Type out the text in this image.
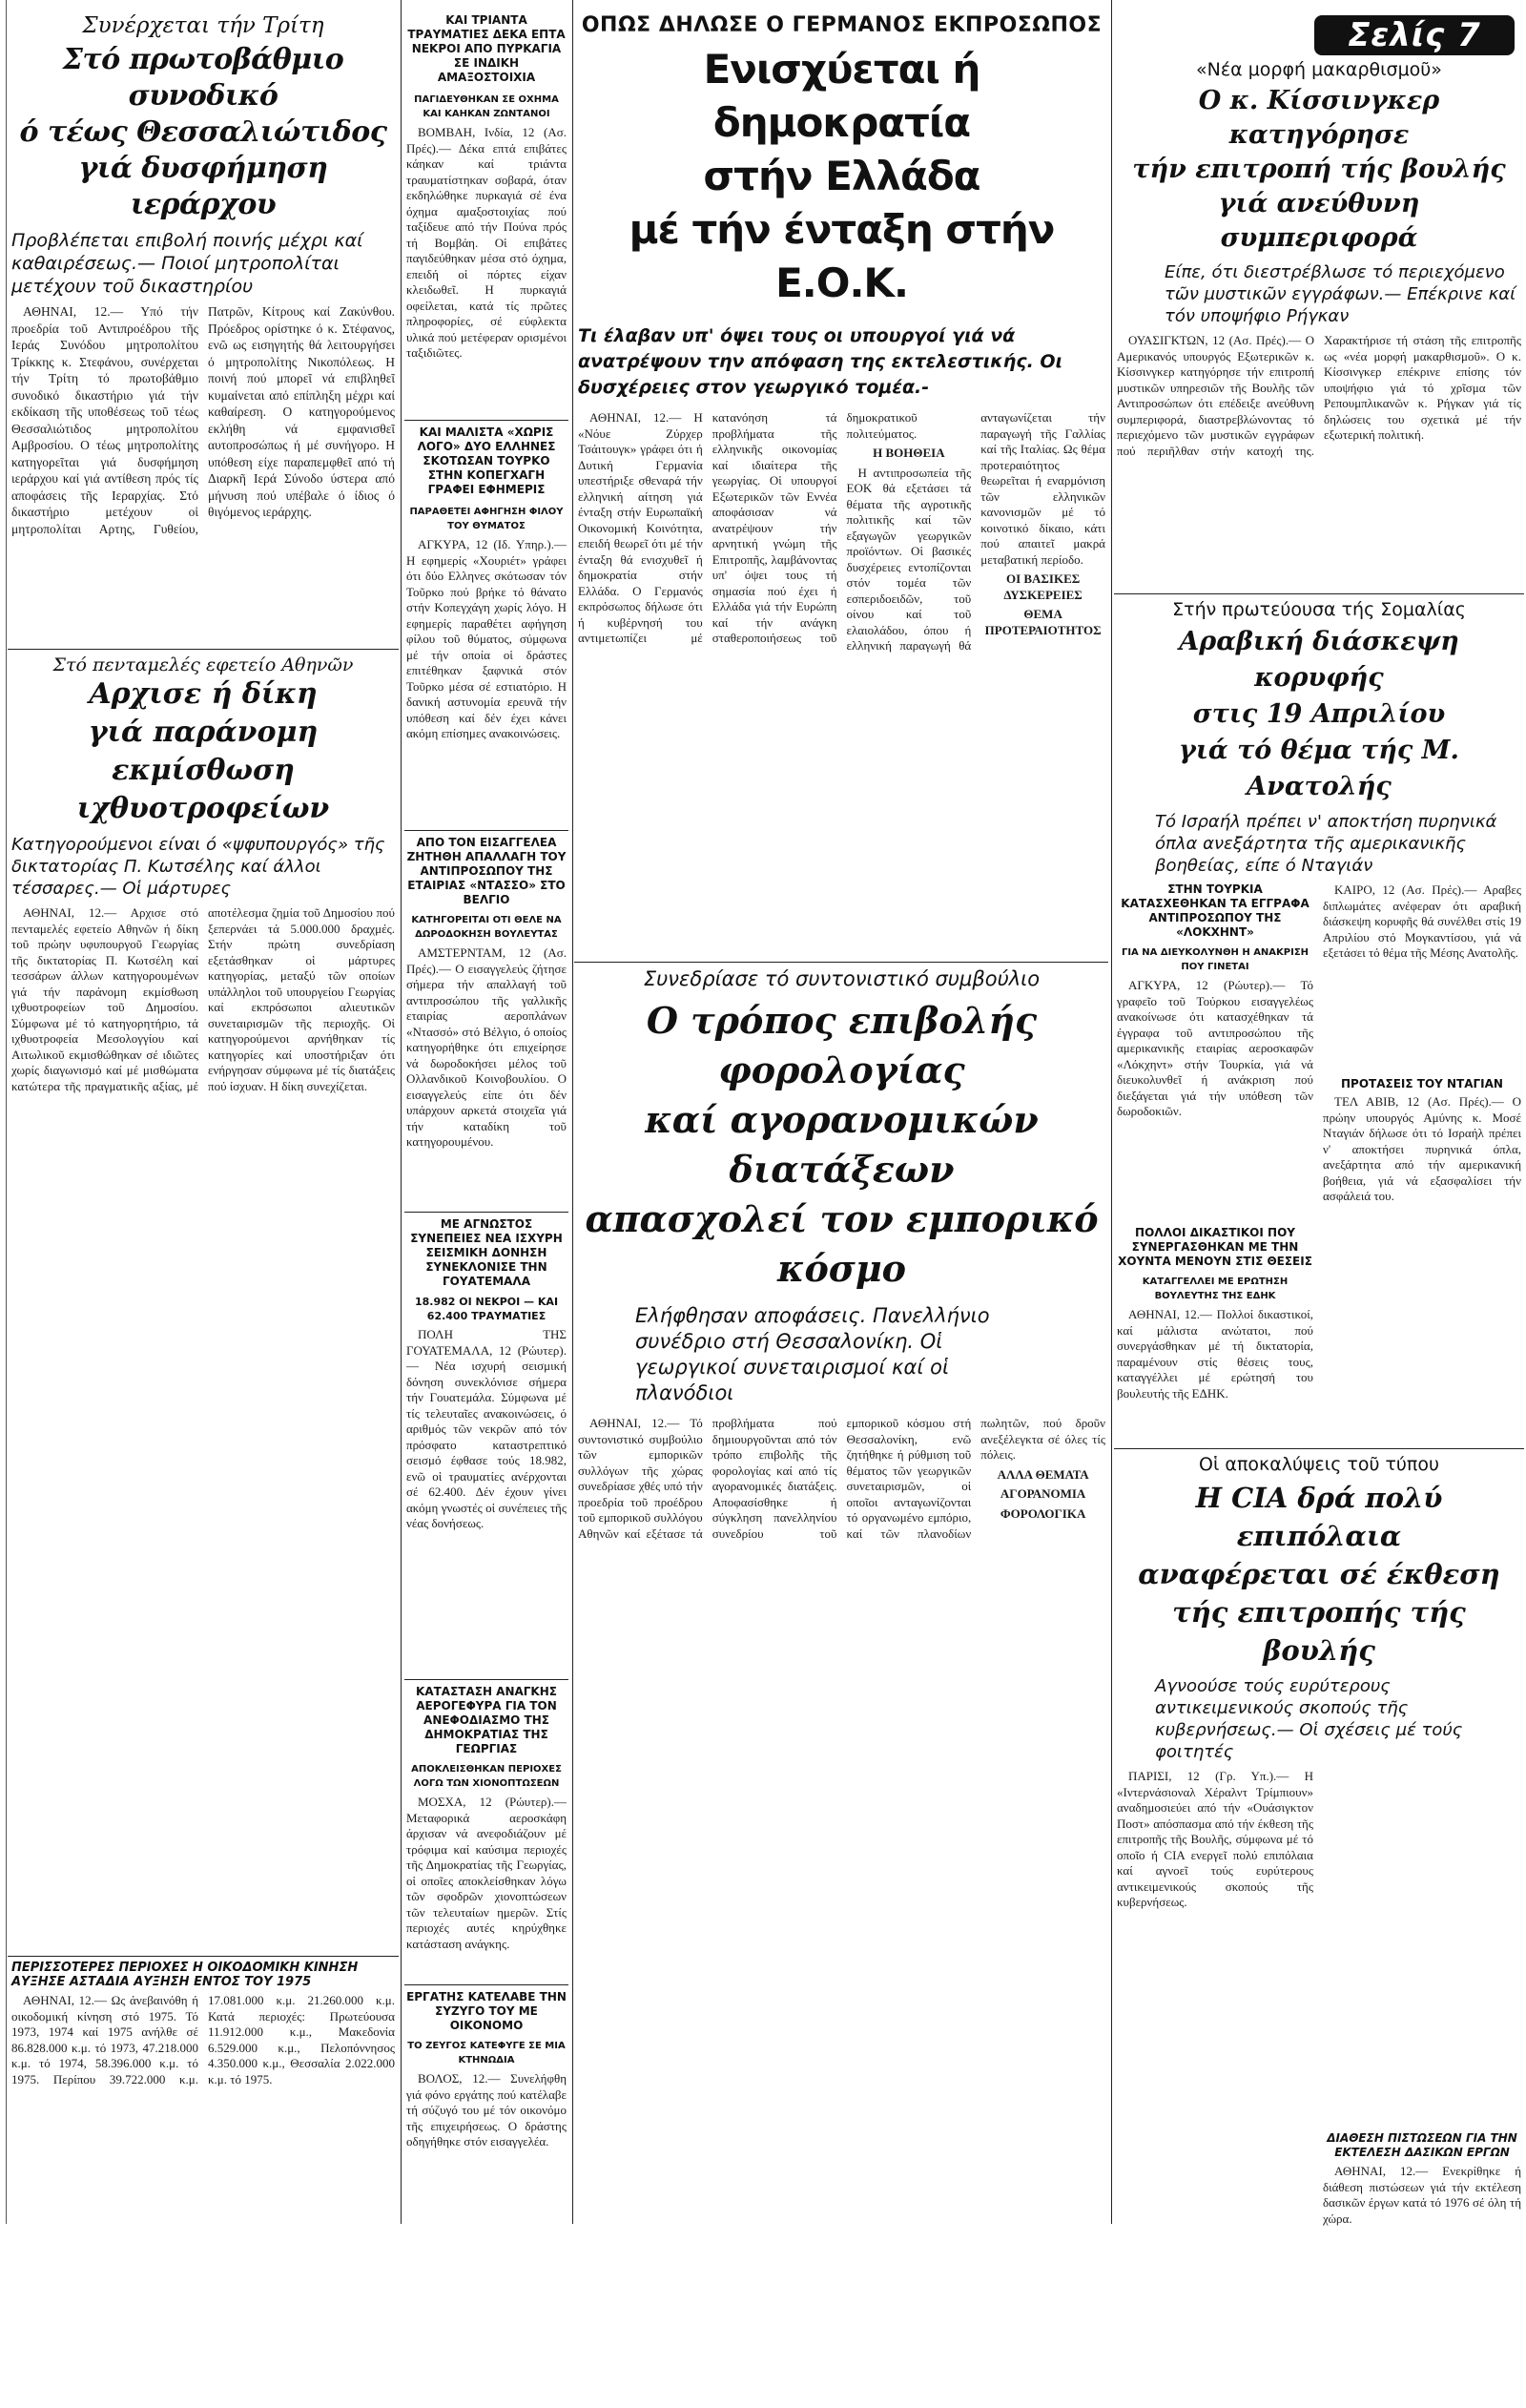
Συνέρχεται τήν Τρίτη
Στό πρωτοβάθμιο συνοδικό
ό τέως Θεσσαλιώτιδος
γιά δυσφήμηση ιεράρχου
Προβλέπεται επιβολή ποινής μέχρι καί καθαιρέσεως.— Ποιοί μητροπολίται μετέχουν τοῦ δικαστηρίου

ΑΘΗΝΑΙ, 12.— Υπό τήν προεδρία τοῦ Αντιπροέδρου τῆς Ιεράς Συνόδου μητροπολίτου Τρίκκης κ. Στεφάνου, συνέρχεται τήν Τρίτη τό πρωτοβάθμιο συνοδικό δικαστήριο γιά τήν εκδίκαση τῆς υποθέσεως τοῦ τέως Θεσσαλιώτιδος μητροπολίτου Αμβροσίου. Ο τέως μητροπολίτης κατηγορεῖται γιά δυσφήμηση ιεράρχου καί γιά αντίθεση πρός τίς αποφάσεις τῆς Ιεραρχίας. Στό δικαστήριο μετέχουν οἱ μητροπολίται Αρτης, Γυθείου, Πατρῶν, Κίτρους καί Ζακύνθου. Πρόεδρος ορίστηκε ό κ. Στέφανος, ενῶ ως εισηγητής θά λειτουργήσει ό μητροπολίτης Νικοπόλεως. Η ποινή πού μπορεῖ νά επιβληθεῖ κυμαίνεται από επίπληξη μέχρι καί καθαίρεση. Ο κατηγορούμενος εκλήθη νά εμφανισθεῖ αυτοπροσώπως ή μέ συνήγορο. Η υπόθεση είχε παραπεμφθεῖ από τή Διαρκῆ Ιερά Σύνοδο ύστερα από μήνυση πού υπέβαλε ό ίδιος ό θιγόμενος ιεράρχης.

Στό πενταμελές εφετείο Αθηνῶν
Αρχισε ή δίκη
γιά παράνομη εκμίσθωση
ιχθυοτροφείων
Κατηγορούμενοι είναι ό «ψφυπουργός» τῆς δικτατορίας Π. Κωτσέλης καί άλλοι τέσσαρες.— Οἱ μάρτυρες

ΑΘΗΝΑΙ, 12.— Αρχισε στό πενταμελές εφετείο Αθηνῶν ή δίκη τοῦ πρώην υφυπουργοῦ Γεωργίας τῆς δικτατορίας Π. Κωτσέλη καί τεσσάρων άλλων κατηγορουμένων γιά τήν παράνομη εκμίσθωση ιχθυοτροφείων τοῦ Δημοσίου. Σύμφωνα μέ τό κατηγορητήριο, τά ιχθυοτροφεία Μεσολογγίου καί Αιτωλικοῦ εκμισθώθηκαν σέ ιδιῶτες χωρίς διαγωνισμό καί μέ μισθώματα κατώτερα τῆς πραγματικῆς αξίας, μέ αποτέλεσμα ζημία τοῦ Δημοσίου πού ξεπερνάει τά 5.000.000 δραχμές. Στήν πρώτη συνεδρίαση εξετάσθηκαν οἱ μάρτυρες κατηγορίας, μεταξύ τῶν οποίων υπάλληλοι τοῦ υπουργείου Γεωργίας καί εκπρόσωποι αλιευτικῶν συνεταιρισμῶν τῆς περιοχῆς. Οἱ κατηγορούμενοι αρνήθηκαν τίς κατηγορίες καί υποστήριξαν ότι ενήργησαν σύμφωνα μέ τίς διατάξεις πού ίσχυαν. Η δίκη συνεχίζεται.

ΠΕΡΙΣΣΟΤΕΡΕΣ ΠΕΡΙΟΧΕΣ Η ΟΙΚΟΔΟΜΙΚΗ ΚΙΝΗΣΗ ΑΥΞΗΣΕ ΑΣΤΑΔΙΑ ΑΥΞΗΣΗ ΕΝΤΟΣ ΤΟΥ 1975

ΑΘΗΝΑΙ, 12.— Ως άνεβαινόθη ή οικοδομική κίνηση στό 1975. Τό 1973, 1974 καί 1975 ανήλθε σέ 86.828.000 κ.μ. τό 1973, 47.218.000 κ.μ. τό 1974, 58.396.000 κ.μ. τό 1975. Περίπου 39.722.000 κ.μ. 17.081.000 κ.μ. 21.260.000 κ.μ. Κατά περιοχές: Πρωτεύουσα 11.912.000 κ.μ., Μακεδονία 6.529.000 κ.μ., Πελοπόννησος 4.350.000 κ.μ., Θεσσαλία 2.022.000 κ.μ. τό 1975.

ΚΑΙ ΤΡΙΑΝΤΑ ΤΡΑΥΜΑΤΙΕΣ ΔΕΚΑ ΕΠΤΑ ΝΕΚΡΟΙ ΑΠΟ ΠΥΡΚΑΓΙΑ ΣΕ ΙΝΔΙΚΗ ΑΜΑΞΟΣΤΟΙΧΙΑ
ΠΑΓΙΔΕΥΘΗΚΑΝ ΣΕ ΟΧΗΜΑ ΚΑΙ ΚΑΗΚΑΝ ΖΩΝΤΑΝΟΙ

ΒΟΜΒΑΗ, Ινδία, 12 (Ασ. Πρές).— Δέκα επτά επιβάτες κάηκαν καί τριάντα τραυματίστηκαν σοβαρά, όταν εκδηλώθηκε πυρκαγιά σέ ένα όχημα αμαξοστοιχίας πού ταξίδευε από τήν Πούνα πρός τή Βομβάη. Οἱ επιβάτες παγιδεύθηκαν μέσα στό όχημα, επειδή οἱ πόρτες είχαν κλειδωθεῖ. Η πυρκαγιά οφείλεται, κατά τίς πρῶτες πληροφορίες, σέ εύφλεκτα υλικά πού μετέφεραν ορισμένοι ταξιδιῶτες.

ΚΑΙ ΜΑΛΙΣΤΑ «ΧΩΡΙΣ ΛΟΓΟ» ΔΥΟ ΕΛΛΗΝΕΣ ΣΚΟΤΩΣΑΝ ΤΟΥΡΚΟ ΣΤΗΝ ΚΟΠΕΓΧΑΓΗ ΓΡΑΦΕΙ ΕΦΗΜΕΡΙΣ
ΠΑΡΑΘΕΤΕΙ ΑΦΗΓΗΣΗ ΦΙΛΟΥ ΤΟΥ ΘΥΜΑΤΟΣ

ΑΓΚΥΡΑ, 12 (Ιδ. Υπηρ.).— Η εφημερίς «Χουριέτ» γράφει ότι δύο Ελληνες σκότωσαν τόν Τοῦρκο πού βρήκε τό θάνατο στήν Κοπεγχάγη χωρίς λόγο. Η εφημερίς παραθέτει αφήγηση φίλου τοῦ θύματος, σύμφωνα μέ τήν οποία οἱ δράστες επιτέθηκαν ξαφνικά στόν Τοῦρκο μέσα σέ εστιατόριο. Η δανική αστυνομία ερευνᾶ τήν υπόθεση καί δέν έχει κάνει ακόμη επίσημες ανακοινώσεις.

ΑΠΟ ΤΟΝ ΕΙΣΑΓΓΕΛΕΑ ΖΗΤΗΘΗ ΑΠΑΛΛΑΓΗ ΤΟΥ ΑΝΤΙΠΡΟΣΩΠΟΥ ΤΗΣ ΕΤΑΙΡΙΑΣ «ΝΤΑΣΣΟ» ΣΤΟ ΒΕΛΓΙΟ
ΚΑΤΗΓΟΡΕΙΤΑΙ ΟΤΙ ΘΕΛΕ ΝΑ ΔΩΡΟΔΟΚΗΣΗ ΒΟΥΛΕΥΤΑΣ

ΑΜΣΤΕΡΝΤΑΜ, 12 (Ασ. Πρές).— Ο εισαγγελεύς ζήτησε σήμερα τήν απαλλαγή τοῦ αντιπροσώπου τῆς γαλλικῆς εταιρίας αεροπλάνων «Ντασσό» στό Βέλγιο, ό οποίος κατηγορήθηκε ότι επιχείρησε νά δωροδοκήσει μέλος τοῦ Ολλανδικοῦ Κοινοβουλίου. Ο εισαγγελεύς είπε ότι δέν υπάρχουν αρκετά στοιχεῖα γιά τήν καταδίκη τοῦ κατηγορουμένου.

ΜΕ ΑΓΝΩΣΤΟΣ ΣΥΝΕΠΕΙΕΣ ΝΕΑ ΙΣΧΥΡΗ ΣΕΙΣΜΙΚΗ ΔΟΝΗΣΗ ΣΥΝΕΚΛΟΝΙΣΕ ΤΗΝ ΓΟΥΑΤΕΜΑΛΑ
18.982 ΟΙ ΝΕΚΡΟΙ — ΚΑΙ 62.400 ΤΡΑΥΜΑΤΙΕΣ

ΠΟΛΗ ΤΗΣ ΓΟΥΑΤΕΜΑΛΑ, 12 (Ρώυτερ).— Νέα ισχυρή σεισμική δόνηση συνεκλόνισε σήμερα τήν Γουατεμάλα. Σύμφωνα μέ τίς τελευταῖες ανακοινώσεις, ό αριθμός τῶν νεκρῶν από τόν πρόσφατο καταστρεπτικό σεισμό έφθασε τούς 18.982, ενῶ οἱ τραυματίες ανέρχονται σέ 62.400. Δέν έχουν γίνει ακόμη γνωστές οἱ συνέπειες τῆς νέας δονήσεως.

ΚΑΤΑΣΤΑΣΗ ΑΝΑΓΚΗΣ ΑΕΡΟΓΕΦΥΡΑ ΓΙΑ ΤΟΝ ΑΝΕΦΟΔΙΑΣΜΟ ΤΗΣ ΔΗΜΟΚΡΑΤΙΑΣ ΤΗΣ ΓΕΩΡΓΙΑΣ
ΑΠΟΚΛΕΙΣΘΗΚΑΝ ΠΕΡΙΟΧΕΣ ΛΟΓΩ ΤΩΝ ΧΙΟΝΟΠΤΩΣΕΩΝ

ΜΟΣΧΑ, 12 (Ρώυτερ).— Μεταφορικά αεροσκάφη άρχισαν νά ανεφοδιάζουν μέ τρόφιμα καί καύσιμα περιοχές τῆς Δημοκρατίας τῆς Γεωργίας, οἱ οποῖες αποκλείσθηκαν λόγω τῶν σφοδρῶν χιονοπτώσεων τῶν τελευταίων ημερῶν. Στίς περιοχές αυτές κηρύχθηκε κατάσταση ανάγκης.

ΕΡΓΑΤΗΣ ΚΑΤΕΛΑΒΕ ΤΗΝ ΣΥΖΥΓΟ ΤΟΥ ΜΕ ΟΙΚΟΝΟΜΟ
ΤΟ ΖΕΥΓΟΣ ΚΑΤΕΦΥΓΕ ΣΕ ΜΙΑ ΚΤΗΝΩΔΙΑ

ΒΟΛΟΣ, 12.— Συνελήφθη γιά φόνο εργάτης πού κατέλαβε τή σύζυγό του μέ τόν οικονόμο τῆς επιχειρήσεως. Ο δράστης οδηγήθηκε στόν εισαγγελέα.

ΟΠΩΣ ΔΗΛΩΣΕ Ο ΓΕΡΜΑΝΟΣ ΕΚΠΡΟΣΩΠΟΣ
Ενισχύεται ή δημοκρατία
στήν Ελλάδα
μέ τήν ένταξη στήν Ε.Ο.Κ.
Τι έλαβαν υπ' όψει τους οι υπουργοί γιά νά ανατρέψουν την απόφαση της εκτελεστικής. Οι δυσχέρειες στον γεωργικό τομέα.-

ΑΘΗΝΑΙ, 12.— Η «Νόυε Ζύρχερ Τσάιτουγκ» γράφει ότι ή Δυτική Γερμανία υπεστήριξε σθεναρά τήν ελληνική αίτηση γιά ένταξη στήν Ευρωπαϊκή Οικονομική Κοινότητα, επειδή θεωρεῖ ότι μέ τήν ένταξη θά ενισχυθεῖ ή δημοκρατία στήν Ελλάδα. Ο Γερμανός εκπρόσωπος δήλωσε ότι ή κυβέρνησή του αντιμετωπίζει μέ κατανόηση τά προβλήματα τῆς ελληνικῆς οικονομίας καί ιδιαίτερα τῆς γεωργίας. Οἱ υπουργοί Εξωτερικῶν τῶν Εννέα αποφάσισαν νά ανατρέψουν τήν αρνητική γνώμη τῆς Επιτροπῆς, λαμβάνοντας υπ' όψει τους τή σημασία πού έχει ή Ελλάδα γιά τήν Ευρώπη καί τήν ανάγκη σταθεροποιήσεως τοῦ δημοκρατικοῦ πολιτεύματος.

Η ΒΟΗΘΕΙΑ

Η αντιπροσωπεία τῆς ΕΟΚ θά εξετάσει τά θέματα τῆς αγροτικῆς πολιτικῆς καί τῶν εξαγωγῶν γεωργικῶν προϊόντων. Οἱ βασικές δυσχέρειες εντοπίζονται στόν τομέα τῶν εσπεριδοειδῶν, τοῦ οίνου καί τοῦ ελαιολάδου, όπου ή ελληνική παραγωγή θά ανταγωνίζεται τήν παραγωγή τῆς Γαλλίας καί τῆς Ιταλίας. Ως θέμα προτεραιότητος θεωρεῖται ή εναρμόνιση τῶν ελληνικῶν κανονισμῶν μέ τό κοινοτικό δίκαιο, κάτι πού απαιτεῖ μακρά μεταβατική περίοδο.

ΟΙ ΒΑΣΙΚΕΣ ΔΥΣΚΕΡΕΙΕΣ

ΘΕΜΑ ΠΡΟΤΕΡΑΙΟΤΗΤΟΣ

Συνεδρίασε τό συντονιστικό συμβούλιο
Ο τρόπος επιβολής φορολογίας
καί αγορανομικών διατάξεων
απασχολεί τον εμπορικό κόσμο
Ελήφθησαν αποφάσεις. Πανελλήνιο συνέδριο στή Θεσσαλονίκη. Οἱ γεωργικοί συνεταιρισμοί καί οἱ πλανόδιοι

ΑΘΗΝΑΙ, 12.— Τό συντονιστικό συμβούλιο τῶν εμπορικῶν συλλόγων τῆς χώρας συνεδρίασε χθές υπό τήν προεδρία τοῦ προέδρου τοῦ εμπορικοῦ συλλόγου Αθηνῶν καί εξέτασε τά προβλήματα πού δημιουργοῦνται από τόν τρόπο επιβολῆς τῆς φορολογίας καί από τίς αγορανομικές διατάξεις. Αποφασίσθηκε ή σύγκληση πανελληνίου συνεδρίου τοῦ εμπορικοῦ κόσμου στή Θεσσαλονίκη, ενῶ ζητήθηκε ή ρύθμιση τοῦ θέματος τῶν γεωργικῶν συνεταιρισμῶν, οἱ οποῖοι ανταγωνίζονται τό οργανωμένο εμπόριο, καί τῶν πλανοδίων πωλητῶν, πού δροῦν ανεξέλεγκτα σέ όλες τίς πόλεις.

ΑΛΛΑ ΘΕΜΑΤΑ

ΑΓΟΡΑΝΟΜΙΑ

ΦΟΡΟΛΟΓΙΚΑ

Σελίς 7
«Νέα μορφή μακαρθισμοῦ»
Ο κ. Κίσσινγκερ κατηγόρησε
τήν επιτροπή τής βουλής
γιά ανεύθυνη συμπεριφορά
Είπε, ότι διεστρέβλωσε τό περιεχόμενο τῶν μυστικῶν εγγράφων.— Επέκρινε καί τόν υποψήφιο Ρήγκαν

ΟΥΑΣΙΓΚΤΩΝ, 12 (Ασ. Πρές).— Ο Αμερικανός υπουργός Εξωτερικῶν κ. Κίσσινγκερ κατηγόρησε τήν επιτροπή μυστικῶν υπηρεσιῶν τῆς Βουλῆς τῶν Αντιπροσώπων ότι επέδειξε ανεύθυνη συμπεριφορά, διαστρεβλώνοντας τό περιεχόμενο τῶν μυστικῶν εγγράφων πού περιῆλθαν στήν κατοχή της. Χαρακτήρισε τή στάση τῆς επιτροπῆς ως «νέα μορφή μακαρθισμοῦ». Ο κ. Κίσσινγκερ επέκρινε επίσης τόν υποψήφιο γιά τό χρῖσμα τῶν Ρεπουμπλικανῶν κ. Ρήγκαν γιά τίς δηλώσεις του σχετικά μέ τήν εξωτερική πολιτική.

Στήν πρωτεύουσα τής Σομαλίας
Αραβική διάσκεψη κορυφής
στις 19 Απριλίου
γιά τό θέμα τής Μ. Ανατολής
Τό Ισραήλ πρέπει ν' αποκτήση πυρηνικά όπλα ανεξάρτητα τῆς αμερικανικῆς βοηθείας, είπε ό Νταγιάν
ΣΤΗΝ ΤΟΥΡΚΙΑ ΚΑΤΑΣΧΕΘΗΚΑΝ ΤΑ ΕΓΓΡΑΦΑ ΑΝΤΙΠΡΟΣΩΠΟΥ ΤΗΣ «ΛΟΚΧΗΝΤ»
ΓΙΑ ΝΑ ΔΙΕΥΚΟΛΥΝΘΗ Η ΑΝΑΚΡΙΣΗ ΠΟΥ ΓΙΝΕΤΑΙ

ΑΓΚΥΡΑ, 12 (Ρώυτερ).— Τό γραφεῖο τοῦ Τούρκου εισαγγελέως ανακοίνωσε ότι κατασχέθηκαν τά έγγραφα τοῦ αντιπροσώπου τῆς αμερικανικῆς εταιρίας αεροσκαφῶν «Λόκχηντ» στήν Τουρκία, γιά νά διευκολυνθεῖ ή ανάκριση πού διεξάγεται γιά τήν υπόθεση τῶν δωροδοκιῶν.

ΠΟΛΛΟΙ ΔΙΚΑΣΤΙΚΟΙ ΠΟΥ ΣΥΝΕΡΓΑΣΘΗΚΑΝ ΜΕ ΤΗΝ ΧΟΥΝΤΑ ΜΕΝΟΥΝ ΣΤΙΣ ΘΕΣΕΙΣ
ΚΑΤΑΓΓΕΛΛΕΙ ΜΕ ΕΡΩΤΗΣΗ ΒΟΥΛΕΥΤΗΣ ΤΗΣ ΕΔΗΚ

ΑΘΗΝΑΙ, 12.— Πολλοί δικαστικοί, καί μάλιστα ανώτατοι, πού συνεργάσθηκαν μέ τή δικτατορία, παραμένουν στίς θέσεις τους, καταγγέλλει μέ ερώτησή του βουλευτής τῆς ΕΔΗΚ.

ΚΑΙΡΟ, 12 (Ασ. Πρές).— Αραβες διπλωμάτες ανέφεραν ότι αραβική διάσκεψη κορυφῆς θά συνέλθει στίς 19 Απριλίου στό Μογκαντίσου, γιά νά εξετάσει τό θέμα τῆς Μέσης Ανατολῆς.

ΠΡΟΤΑΣΕΙΣ ΤΟΥ ΝΤΑΓΙΑΝ

ΤΕΛ ΑΒΙΒ, 12 (Ασ. Πρές).— Ο πρώην υπουργός Αμύνης κ. Μοσέ Νταγιάν δήλωσε ότι τό Ισραήλ πρέπει ν' αποκτήσει πυρηνικά όπλα, ανεξάρτητα από τήν αμερικανική βοήθεια, γιά νά εξασφαλίσει τήν ασφάλειά του.

Οἱ αποκαλύψεις τοῦ τύπου
Η CIA δρά πολύ επιπόλαια
αναφέρεται σέ έκθεση
τής επιτροπής τής βουλής
Αγνοούσε τούς ευρύτερους αντικειμενικούς σκοπούς τῆς κυβερνήσεως.— Οἱ σχέσεις μέ τούς φοιτητές

ΠΑΡΙΣΙ, 12 (Γρ. Υπ.).— Η «Ιντερνάσιοναλ Χέραλντ Τρίμπιουν» αναδημοσιεύει από τήν «Ουάσιγκτον Ποστ» απόσπασμα από τήν έκθεση τῆς επιτροπῆς τῆς Βουλῆς, σύμφωνα μέ τό οποῖο ή CIA ενεργεῖ πολύ επιπόλαια καί αγνοεῖ τούς ευρύτερους αντικειμενικούς σκοπούς τῆς κυβερνήσεως.

ΔΙΑΘΕΣΗ ΠΙΣΤΩΣΕΩΝ ΓΙΑ ΤΗΝ ΕΚΤΕΛΕΣΗ ΔΑΣΙΚΩΝ ΕΡΓΩΝ

ΑΘΗΝΑΙ, 12.— Ενεκρίθηκε ή διάθεση πιστώσεων γιά τήν εκτέλεση δασικῶν έργων κατά τό 1976 σέ όλη τή χώρα.
